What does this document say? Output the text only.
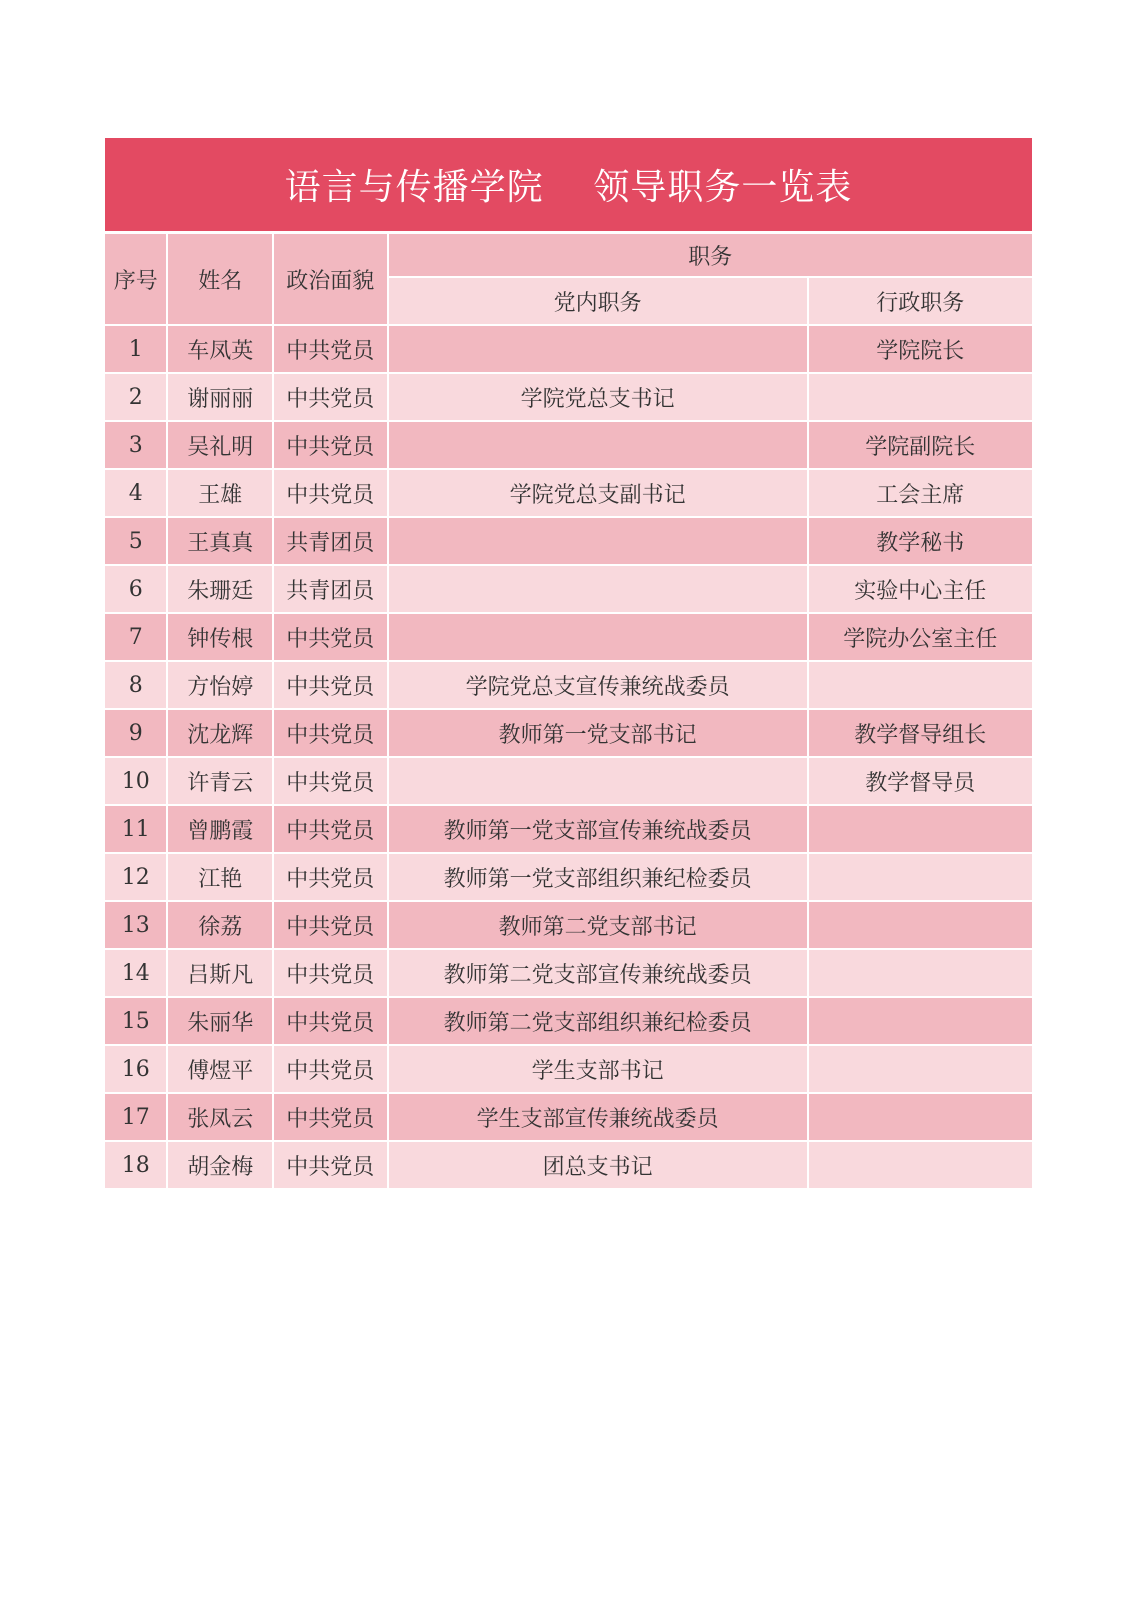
语言与传播学院    领导职务一览表
序号	姓名	政治面貌	职务	
			党内职务	行政职务
1	车凤英	中共党员		学院院长
2	谢丽丽	中共党员	学院党总支书记	
3	吴礼明	中共党员		学院副院长
4	王雄	中共党员	学院党总支副书记	工会主席
5	王真真	共青团员		教学秘书
6	朱珊廷	共青团员		实验中心主任
7	钟传根	中共党员		学院办公室主任
8	方怡婷	中共党员	学院党总支宣传兼统战委员	
9	沈龙辉	中共党员	教师第一党支部书记	教学督导组长
10	许青云	中共党员		教学督导员
11	曾鹏霞	中共党员	教师第一党支部宣传兼统战委员	
12	江艳	中共党员	教师第一党支部组织兼纪检委员	
13	徐荔	中共党员	教师第二党支部书记	
14	吕斯凡	中共党员	教师第二党支部宣传兼统战委员	
15	朱丽华	中共党员	教师第二党支部组织兼纪检委员	
16	傅煜平	中共党员	学生支部书记	
17	张凤云	中共党员	学生支部宣传兼统战委员	
18	胡金梅	中共党员	团总支书记	
